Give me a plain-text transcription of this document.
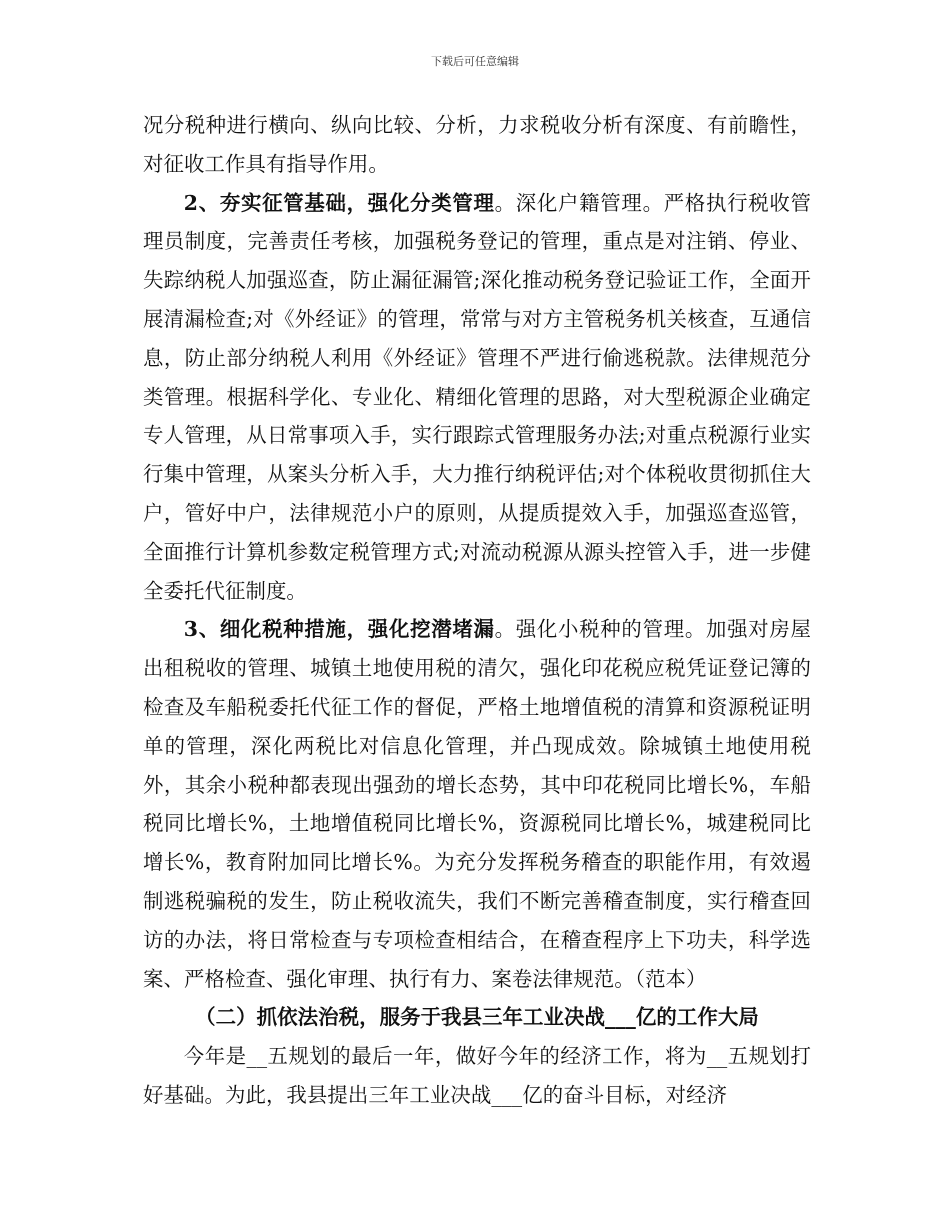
下载后可任意编辑

况分税种进行横向、纵向比较、分析，力求税收分析有深度、有前瞻性，对征收工作具有指导作用。

2、夯实征管基础，强化分类管理。深化户籍管理。严格执行税收管理员制度，完善责任考核，加强税务登记的管理，重点是对注销、停业、失踪纳税人加强巡查，防止漏征漏管;深化推动税务登记验证工作，全面开展清漏检查;对《外经证》的管理，常常与对方主管税务机关核查，互通信息，防止部分纳税人利用《外经证》管理不严进行偷逃税款。法律规范分类管理。根据科学化、专业化、精细化管理的思路，对大型税源企业确定专人管理，从日常事项入手，实行跟踪式管理服务办法;对重点税源行业实行集中管理，从案头分析入手，大力推行纳税评估;对个体税收贯彻抓住大户，管好中户，法律规范小户的原则，从提质提效入手，加强巡查巡管，全面推行计算机参数定税管理方式;对流动税源从源头控管入手，进一步健全委托代征制度。

3、细化税种措施，强化挖潜堵漏。强化小税种的管理。加强对房屋出租税收的管理、城镇土地使用税的清欠，强化印花税应税凭证登记簿的检查及车船税委托代征工作的督促，严格土地增值税的清算和资源税证明单的管理，深化两税比对信息化管理，并凸现成效。除城镇土地使用税外，其余小税种都表现出强劲的增长态势，其中印花税同比增长%，车船税同比增长%，土地增值税同比增长%，资源税同比增长%，城建税同比增长%，教育附加同比增长%。为充分发挥税务稽查的职能作用，有效遏制逃税骗税的发生，防止税收流失，我们不断完善稽查制度，实行稽查回访的办法，将日常检查与专项检查相结合，在稽查程序上下功夫，科学选案、严格检查、强化审理、执行有力、案卷法律规范。（范本）

（二）抓依法治税，服务于我县三年工业决战___亿的工作大局

今年是__五规划的最后一年，做好今年的经济工作，将为__五规划打好基础。为此，我县提出三年工业决战___亿的奋斗目标，对经济
